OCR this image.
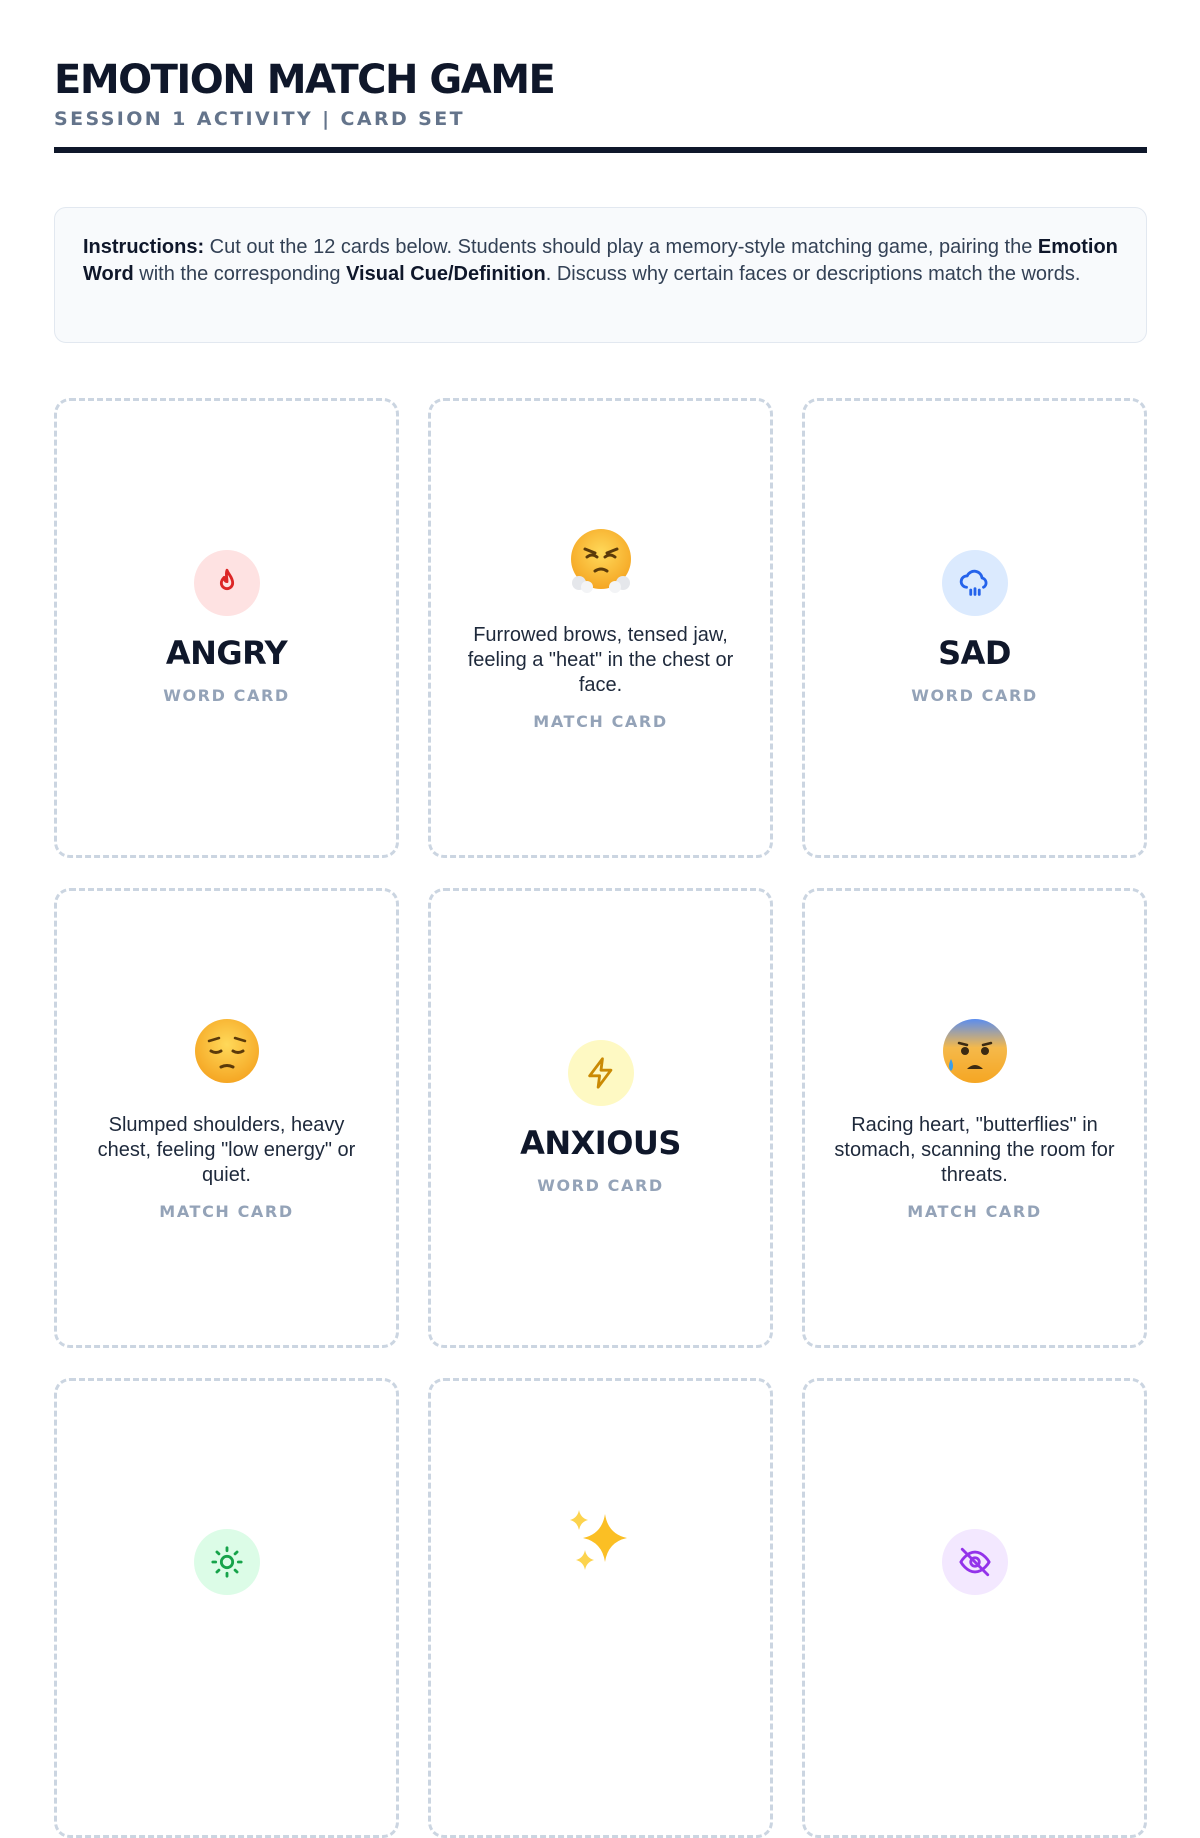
EMOTION MATCH GAME
SESSION 1 ACTIVITY | CARD SET
Instructions: Cut out the 12 cards below. Students should play a memory-style matching game, pairing the Emotion Word with the corresponding Visual Cue/Definition. Discuss why certain faces or descriptions match the words.
ANGRY
WORD CARD
Furrowed brows, tensed jaw, feeling a "heat" in the chest or face.
MATCH CARD
SAD
WORD CARD
Slumped shoulders, heavy chest, feeling "low energy" or quiet.
MATCH CARD
ANXIOUS
WORD CARD
Racing heart, "butterflies" in stomach, scanning the room for threats.
MATCH CARD
